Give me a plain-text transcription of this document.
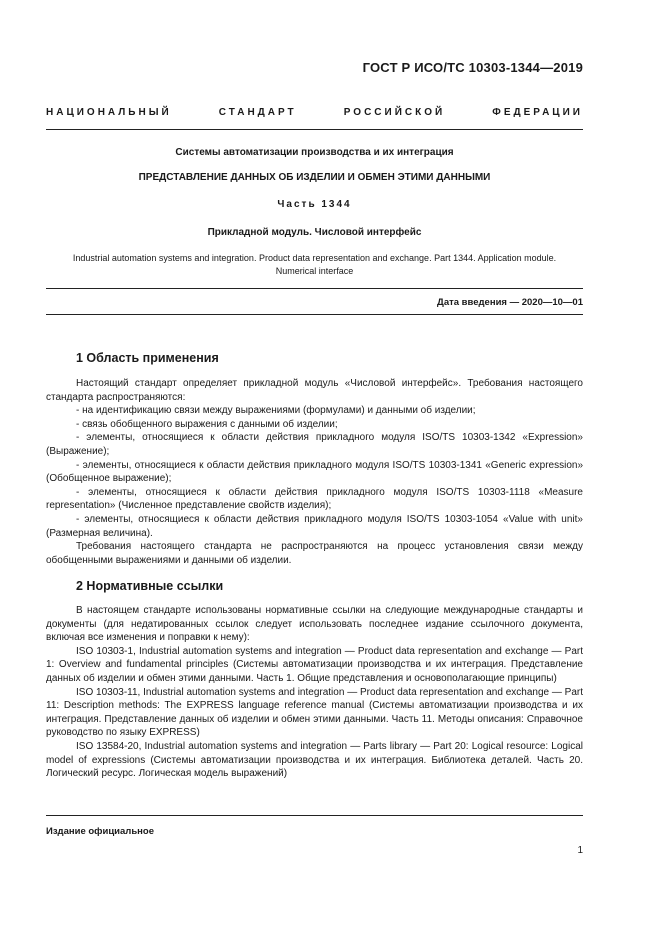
ГОСТ Р ИСО/ТС 10303-1344—2019
НАЦИОНАЛЬНЫЙ СТАНДАРТ РОССИЙСКОЙ ФЕДЕРАЦИИ
Системы автоматизации производства и их интеграция
ПРЕДСТАВЛЕНИЕ ДАННЫХ ОБ ИЗДЕЛИИ И ОБМЕН ЭТИМИ ДАННЫМИ
Часть 1344
Прикладной модуль. Числовой интерфейс
Industrial automation systems and integration. Product data representation and exchange. Part 1344. Application module. Numerical interface
Дата введения — 2020—10—01
1 Область применения

Настоящий стандарт определяет прикладной модуль «Числовой интерфейс». Требования настоящего стандарта распространяются:

- на идентификацию связи между выражениями (формулами) и данными об изделии;

- связь обобщенного выражения с данными об изделии;

- элементы, относящиеся к области действия прикладного модуля ISO/TS 10303-1342 «Expression» (Выражение);

- элементы, относящиеся к области действия прикладного модуля ISO/TS 10303-1341 «Generic expression» (Обобщенное выражение);

- элементы, относящиеся к области действия прикладного модуля ISO/TS 10303-1118 «Measure representation» (Численное представление свойств изделия);

- элементы, относящиеся к области действия прикладного модуля ISO/TS 10303-1054 «Value with unit» (Размерная величина).

Требования настоящего стандарта не распространяются на процесс установления связи между обобщенными выражениями и данными об изделии.

2 Нормативные ссылки

В настоящем стандарте использованы нормативные ссылки на следующие международные стандарты и документы (для недатированных ссылок следует использовать последнее издание ссылочного документа, включая все изменения и поправки к нему):

ISO 10303-1, Industrial automation systems and integration — Product data representation and exchange — Part 1: Overview and fundamental principles (Системы автоматизации производства и их интеграция. Представление данных об изделии и обмен этими данными. Часть 1. Общие представления и основополагающие принципы)

ISO 10303-11, Industrial automation systems and integration — Product data representation and exchange — Part 11: Description methods: The EXPRESS language reference manual (Системы автоматизации производства и их интеграция. Представление данных об изделии и обмен этими данными. Часть 11. Методы описания: Справочное руководство по языку EXPRESS)

ISO 13584-20, Industrial automation systems and integration — Parts library — Part 20: Logical resource: Logical model of expressions (Системы автоматизации производства и их интеграция. Библиотека деталей. Часть 20. Логический ресурс. Логическая модель выражений)

Издание официальное
1
